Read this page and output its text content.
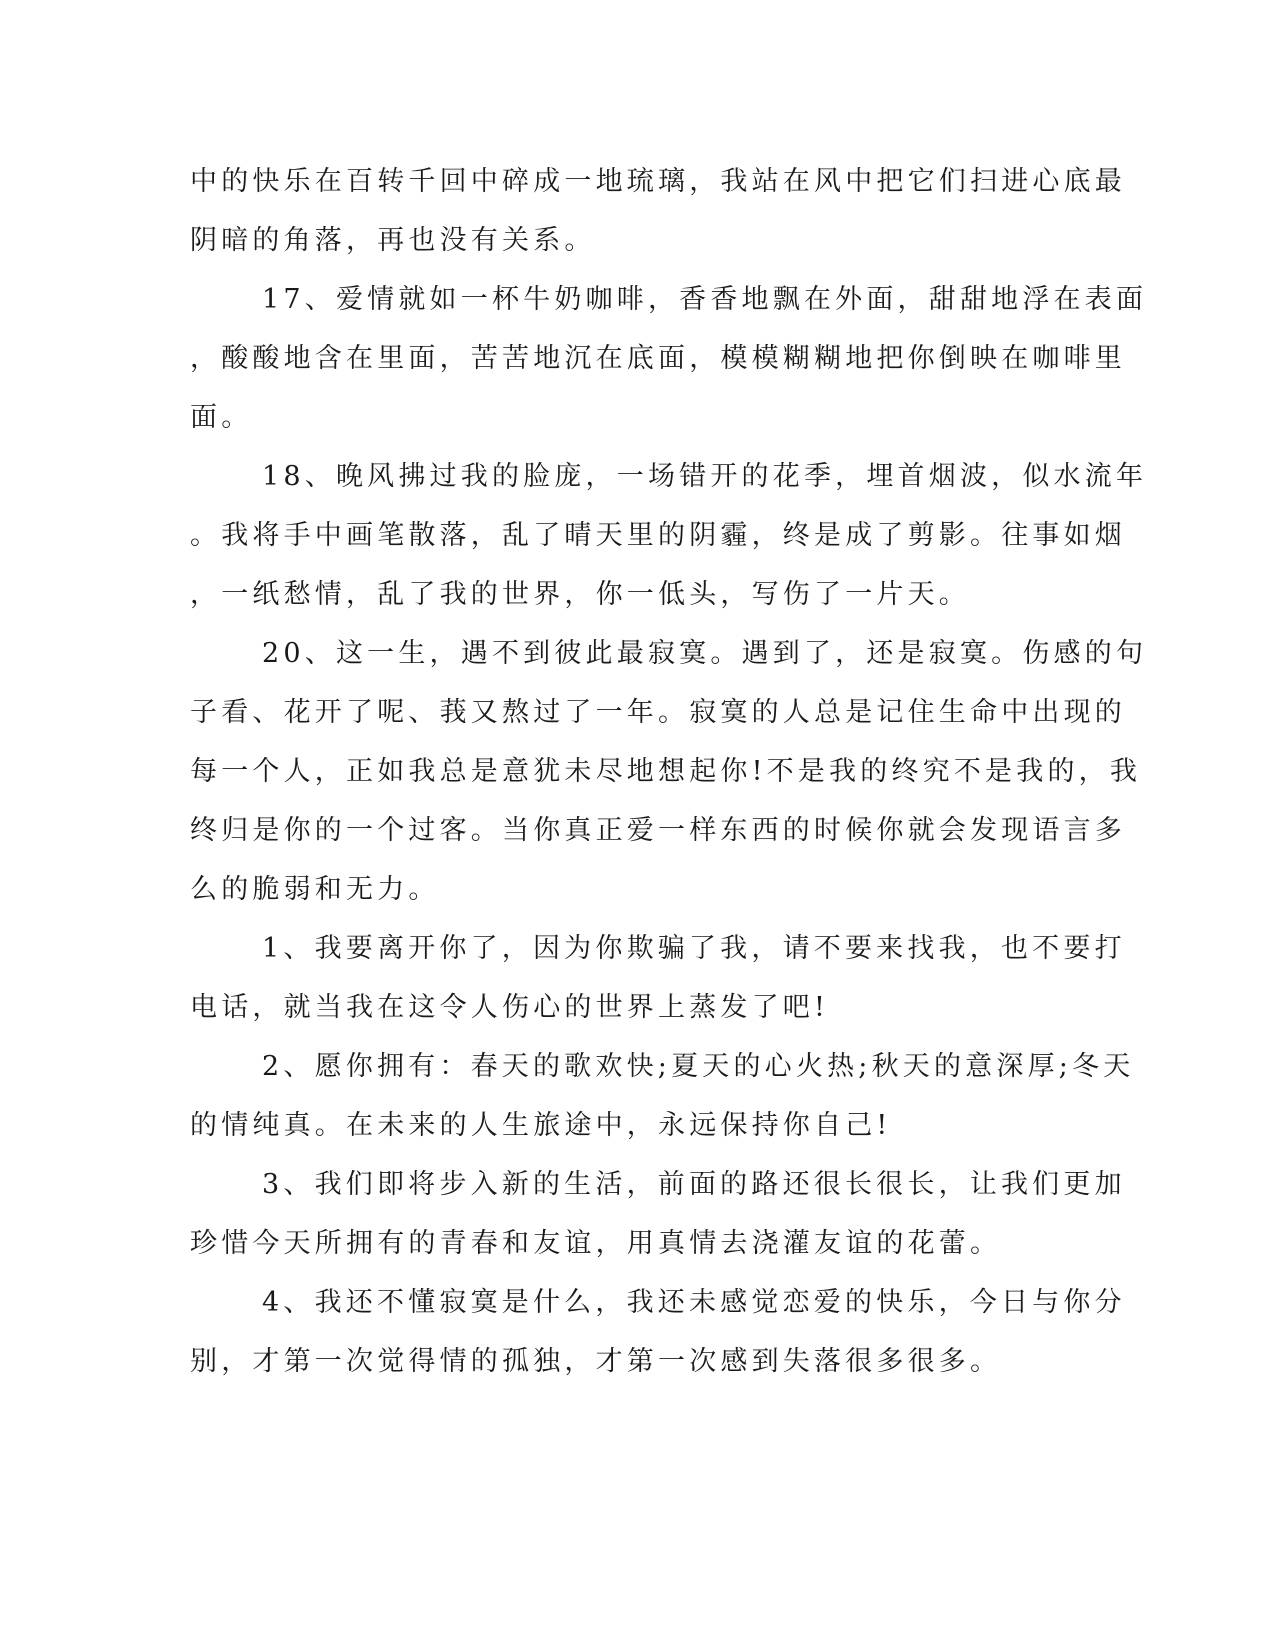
中的快乐在百转千回中碎成一地琉璃，我站在风中把它们扫进心底最

阴暗的角落，再也没有关系。

17、爱情就如一杯牛奶咖啡，香香地飘在外面，甜甜地浮在表面

，酸酸地含在里面，苦苦地沉在底面，模模糊糊地把你倒映在咖啡里

面。

18、晚风拂过我的脸庞，一场错开的花季，埋首烟波，似水流年

。我将手中画笔散落，乱了晴天里的阴霾，终是成了剪影。往事如烟

，一纸愁情，乱了我的世界，你一低头，写伤了一片天。

20、这一生，遇不到彼此最寂寞。遇到了，还是寂寞。伤感的句

子看、花开了呢、莪又熬过了一年。寂寞的人总是记住生命中出现的

每一个人，正如我总是意犹未尽地想起你!不是我的终究不是我的，我

终归是你的一个过客。当你真正爱一样东西的时候你就会发现语言多

么的脆弱和无力。

1、我要离开你了，因为你欺骗了我，请不要来找我，也不要打

电话，就当我在这令人伤心的世界上蒸发了吧!

2、愿你拥有：春天的歌欢快;夏天的心火热;秋天的意深厚;冬天

的情纯真。在未来的人生旅途中，永远保持你自己!

3、我们即将步入新的生活，前面的路还很长很长，让我们更加

珍惜今天所拥有的青春和友谊，用真情去浇灌友谊的花蕾。

4、我还不懂寂寞是什么，我还未感觉恋爱的快乐，今日与你分

别，才第一次觉得情的孤独，才第一次感到失落很多很多。
